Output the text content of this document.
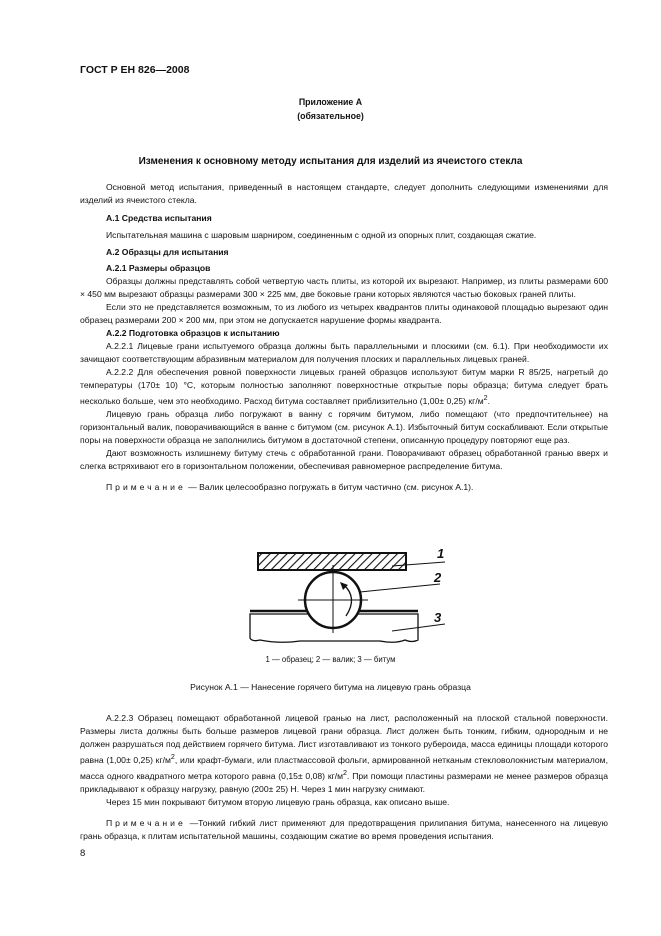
ГОСТ Р ЕН 826—2008
Приложение А
(обязательное)
Изменения к основному методу испытания для изделий из ячеистого стекла

Основной метод испытания, приведенный в настоящем стандарте, следует дополнить следующими изменениями для изделий из ячеистого стекла.

А.1 Средства испытания

Испытательная машина с шаровым шарниром, соединенным с одной из опорных плит, создающая сжатие.

А.2 Образцы для испытания

А.2.1 Размеры образцов

Образцы должны представлять собой четвертую часть плиты, из которой их вырезают. Например, из плиты размерами 600 × 450 мм вырезают образцы размерами 300 × 225 мм, две боковые грани которых являются частью боковых граней плиты.

Если это не представляется возможным, то из любого из четырех квадрантов плиты одинаковой площадью вырезают один образец размерами 200 × 200 мм, при этом не допускается нарушение формы квадранта.

А.2.2 Подготовка образцов к испытанию

А.2.2.1 Лицевые грани испытуемого образца должны быть параллельными и плоскими (см. 6.1). При необходимости их зачищают соответствующим абразивным материалом для получения плоских и параллельных лицевых граней.

А.2.2.2 Для обеспечения ровной поверхности лицевых граней образцов используют битум марки R 85/25, нагретый до температуры (170± 10) °С, которым полностью заполняют поверхностные открытые поры образца; битума следует брать несколько больше, чем это необходимо. Расход битума составляет приблизительно (1,00± 0,25) $кг/м^2$.

Лицевую грань образца либо погружают в ванну с горячим битумом, либо помещают (что предпочтительнее) на горизонтальный валик, поворачивающийся в ванне с битумом (см. рисунок А.1). Избыточный битум соскабливают. Если открытые поры на поверхности образца не заполнились битумом в достаточной степени, описанную процедуру повторяют еще раз.

Дают возможность излишнему битуму стечь с обработанной грани. Поворачивают образец обработанной гранью вверх и слегка встряхивают его в горизонтальном положении, обеспечивая равномерное распределение битума.

Примечание — Валик целесообразно погружать в битум частично (см. рисунок А.1).

1
2
3
1 — образец; 2 — валик; 3 — битум
Рисунок А.1 — Нанесение горячего битума на лицевую грань образца

А.2.2.3 Образец помещают обработанной лицевой гранью на лист, расположенный на плоской стальной поверхности. Размеры листа должны быть больше размеров лицевой грани образца. Лист должен быть тонким, гибким, однородным и не должен разрушаться под действием горячего битума. Лист изготавливают из тонкого рубероида, масса единицы площади которого равна (1,00± 0,25) $кг/м^2$, или крафт-бумаги, или пластмассовой фольги, армированной нетканым стекловолокнистым материалом, масса одного квадратного метра которого равна (0,15± 0,08) $кг/м^2$. При помощи пластины размерами не менее размеров образца прикладывают к образцу нагрузку, равную (200± 25) Н. Через 1 мин нагрузку снимают.

Через 15 мин покрывают битумом вторую лицевую грань образца, как описано выше.

Примечание —Тонкий гибкий лист применяют для предотвращения прилипания битума, нанесенного на лицевую грань образца, к плитам испытательной машины, создающим сжатие во время проведения испытания.

8
